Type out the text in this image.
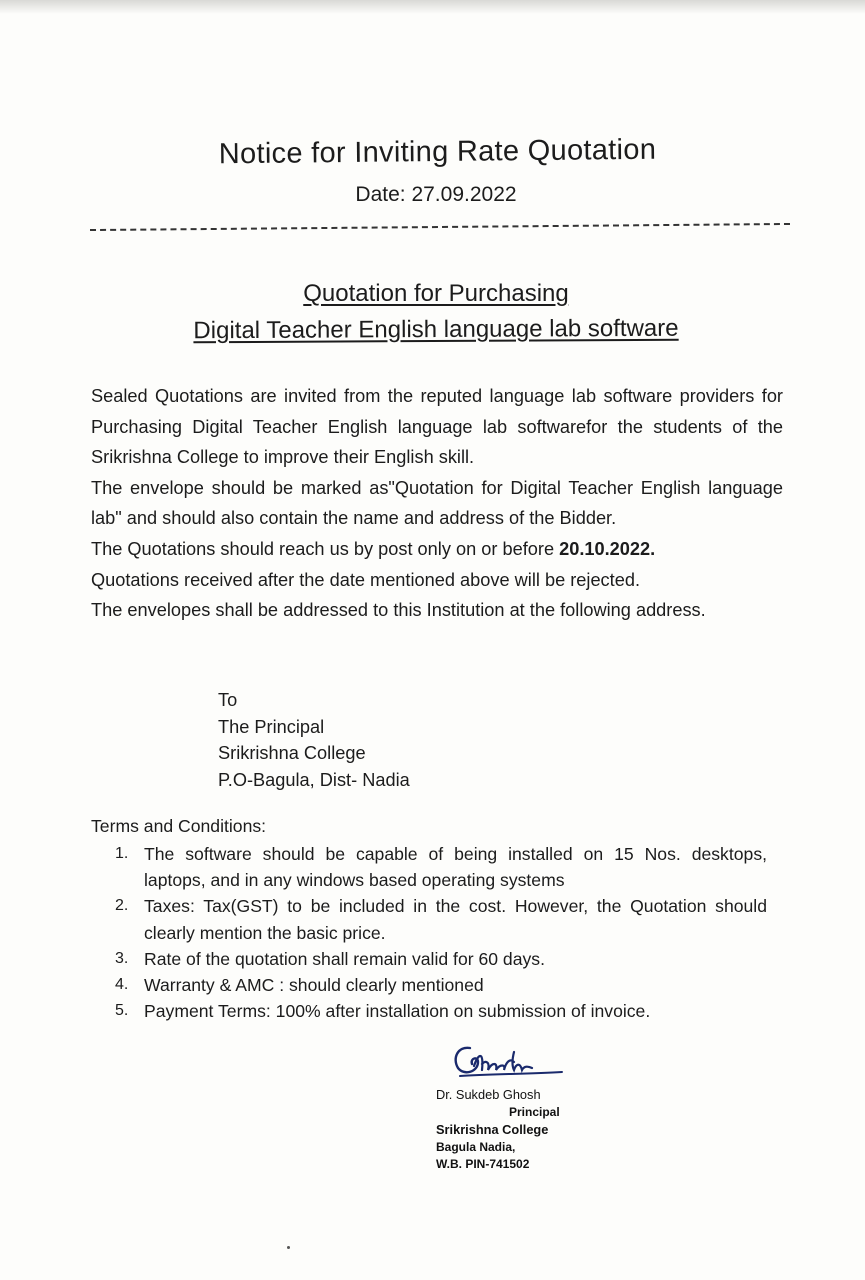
Notice for Inviting Rate Quotation
Date: 27.09.2022
Quotation for Purchasing
Digital Teacher English language lab software

Sealed Quotations are invited from the reputed language lab software providers for Purchasing Digital Teacher English language lab softwarefor the students of the Srikrishna College to improve their English skill.

The envelope should be marked as"Quotation for Digital Teacher English language lab" and should also contain the name and address of the Bidder.

The Quotations should reach us by post only on or before 20.10.2022.

Quotations received after the date mentioned above will be rejected.

The envelopes shall be addressed to this Institution at the following address.

To
The Principal
Srikrishna College
P.O-Bagula, Dist- Nadia
Terms and Conditions:
1. The software should be capable of being installed on 15 Nos. desktops, laptops, and in any windows based operating systems
2. Taxes: Tax(GST) to be included in the cost. However, the Quotation should clearly mention the basic price.
3. Rate of the quotation shall remain valid for 60 days.
4. Warranty & AMC : should clearly mentioned
5. Payment Terms: 100% after installation on submission of invoice.
Dr. Sukdeb Ghosh
Principal
Srikrishna College
Bagula Nadia,
W.B. PIN-741502
